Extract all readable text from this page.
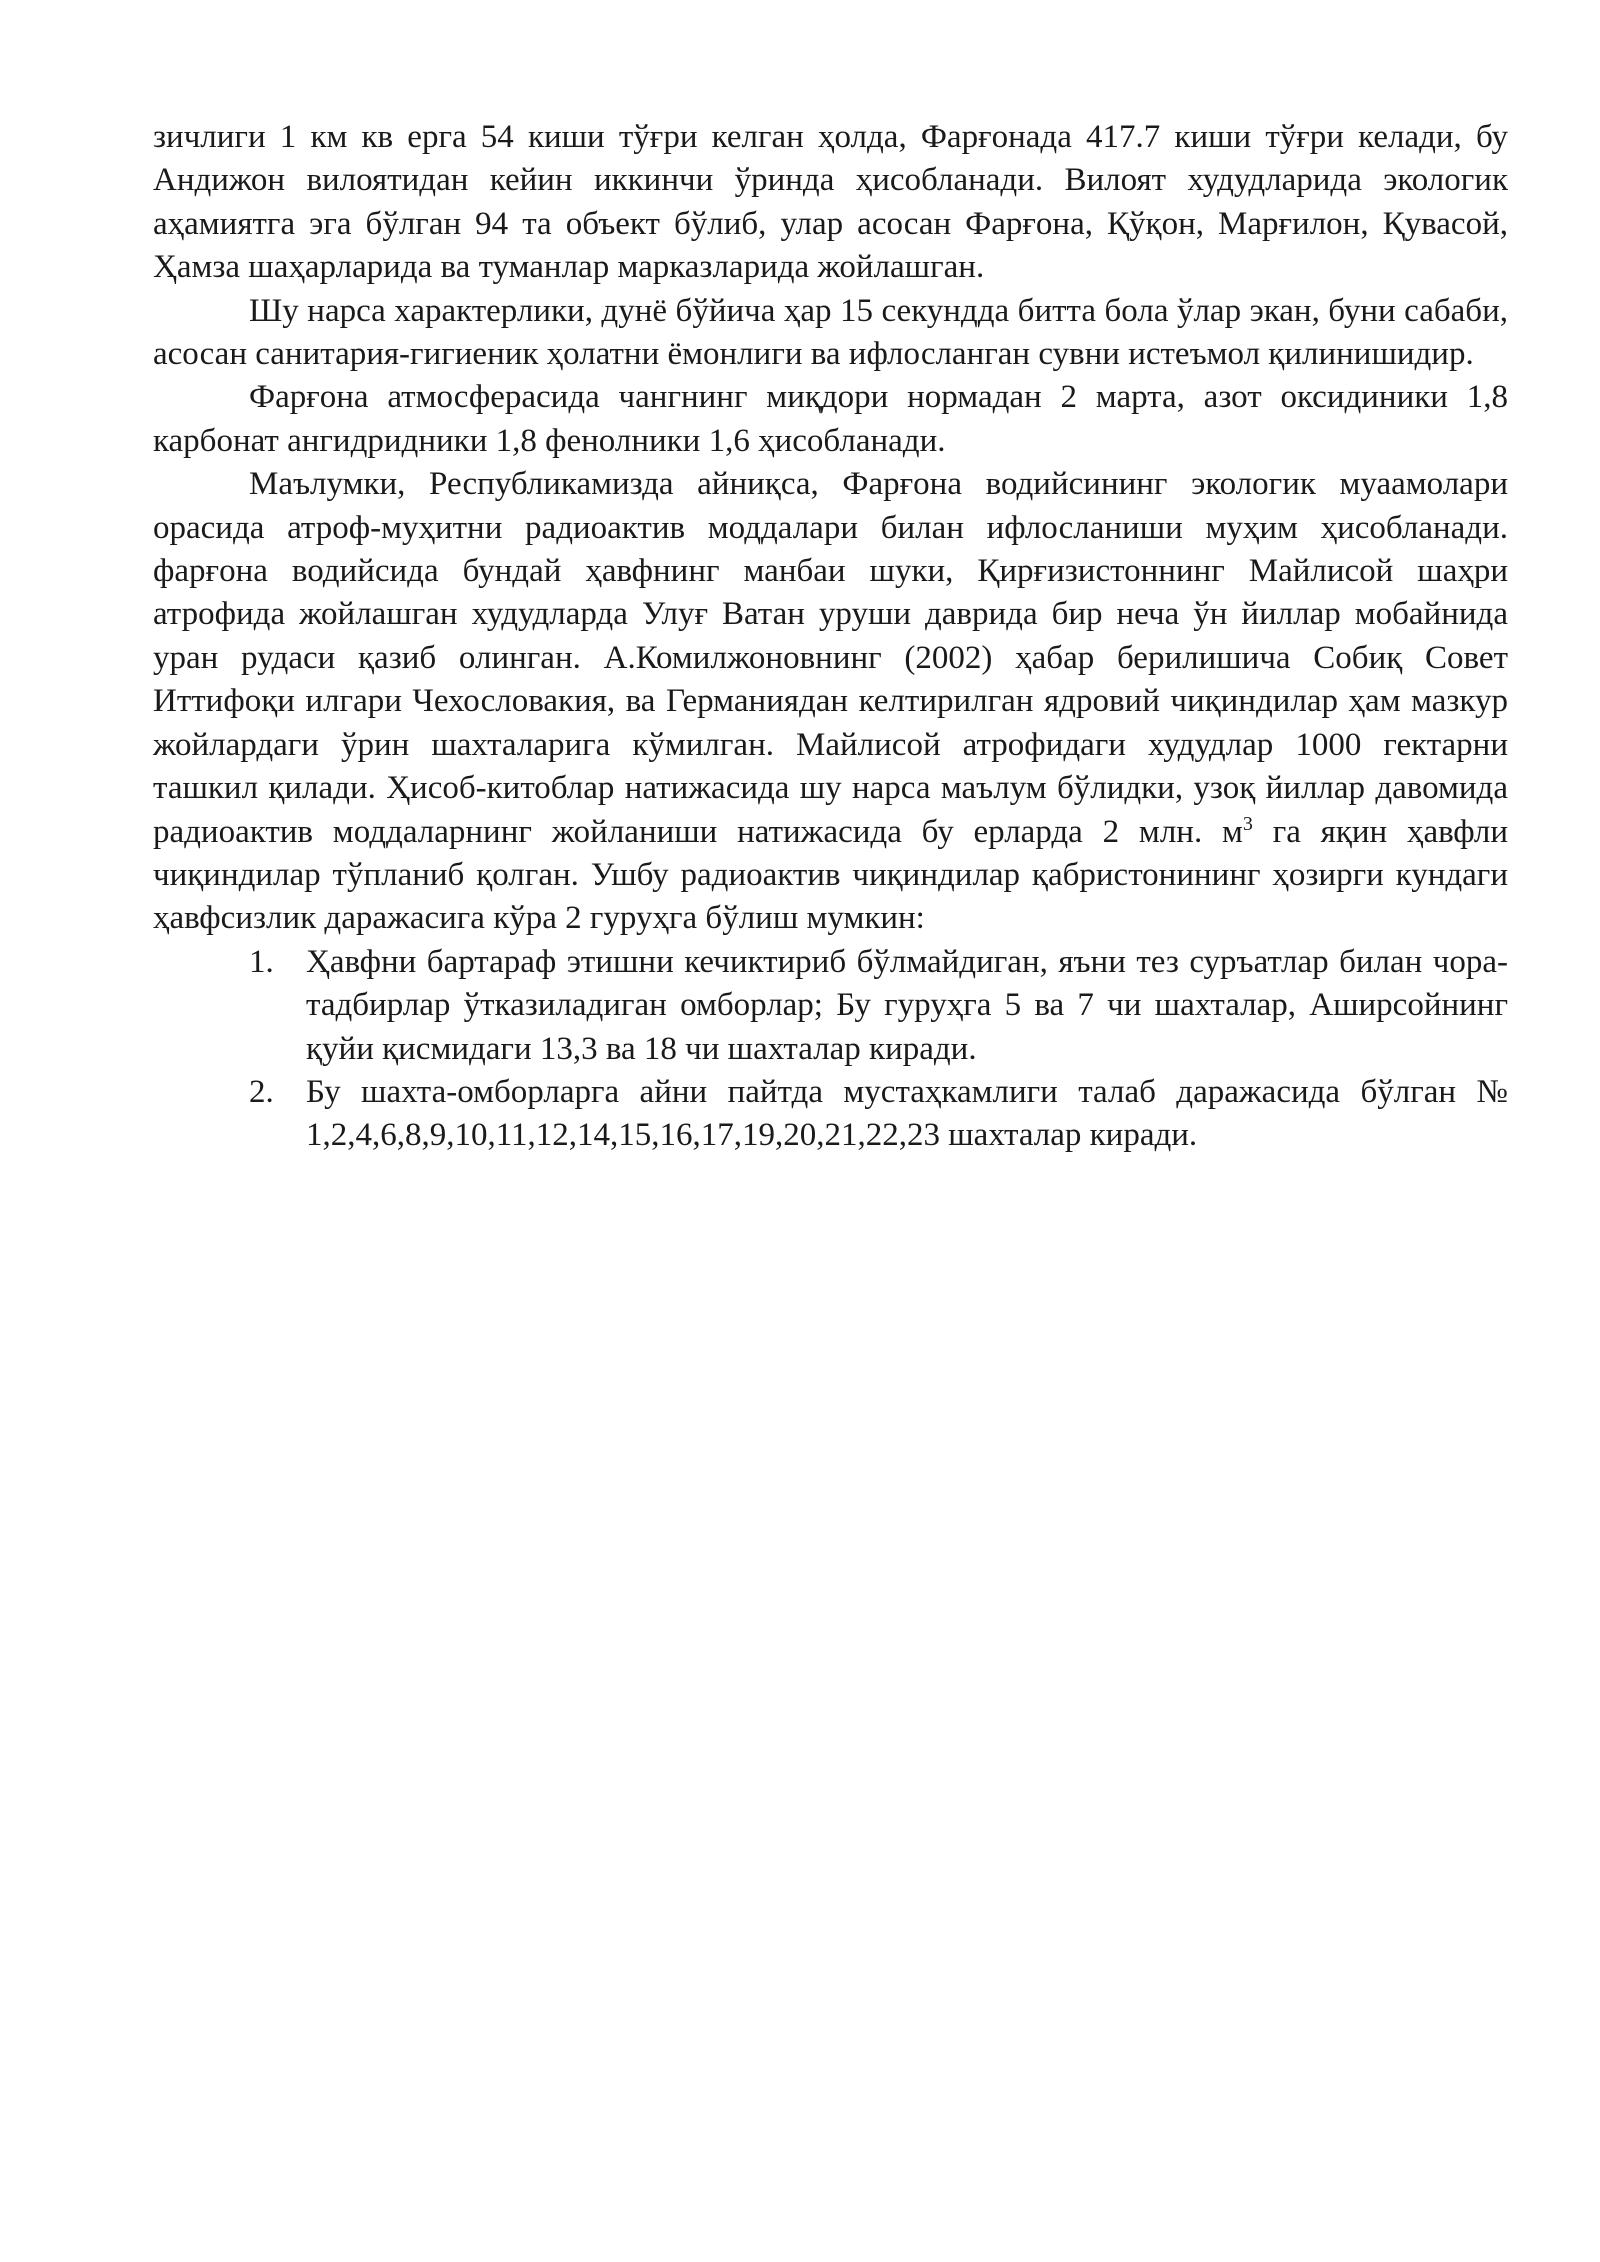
зичлиги 1 км кв ерга 54 киши тўғри келган ҳолда, Фарғонада 417.7 киши тўғри келади, бу Андижон вилоятидан кейин иккинчи ўринда ҳисобланади. Вилоят худудларида экологик аҳамиятга эга бўлган 94 та объект бўлиб, улар асосан Фарғона, Қўқон, Марғилон, Қувасой, Ҳамза шаҳарларида ва туманлар марказларида жойлашган.

Шу нарса характерлики, дунё бўйича ҳар 15 секундда битта бола ўлар экан, буни сабаби, асосан санитария-гигиеник ҳолатни ёмонлиги ва ифлосланган сувни истеъмол қилинишидир.

Фарғона атмосферасида чангнинг миқдори нормадан 2 марта, азот оксидиники 1,8 карбонат ангидридники 1,8 фенолники 1,6 ҳисобланади.

Маълумки, Республикамизда айниқса, Фарғона водийсининг экологик муаамолари орасида атроф-муҳитни радиоактив моддалари билан ифлосланиши муҳим ҳисобланади. фарғона водийсида бундай ҳавфнинг манбаи шуки, Қирғизистоннинг Майлисой шаҳри атрофида жойлашган худудларда Улуғ Ватан уруши даврида бир неча ўн йиллар мобайнида уран рудаси қазиб олинган. А.Комилжоновнинг (2002) ҳабар берилишича Собиқ Совет Иттифоқи илгари Чехословакия, ва Германиядан келтирилган ядровий чиқиндилар ҳам мазкур жойлардаги ўрин шахталарига кўмилган. Майлисой атрофидаги худудлар 1000 гектарни ташкил қилади. Ҳисоб-китоблар натижасида шу нарса маълум бўлидки, узоқ йиллар давомида радиоактив моддаларнинг жойланиши натижасида бу ерларда 2 млн. $м^3$ га яқин ҳавфли чиқиндилар тўпланиб қолган. Ушбу радиоактив чиқиндилар қабристонининг ҳозирги кундаги ҳавфсизлик даражасига кўра 2 гуруҳга бўлиш мумкин:

1. Ҳавфни бартараф этишни кечиктириб бўлмайдиган, яъни тез суръатлар билан чора-тадбирлар ўтказиладиган омборлар; Бу гуруҳга 5 ва 7 чи шахталар, Аширсойнинг қуйи қисмидаги 13,3 ва 18 чи шахталар киради.
2. Бу шахта-омборларга айни пайтда мустаҳкамлиги талаб даражасида бўлган № 1,2,4,6,8,9,10,11,12,14,15,16,17,19,20,21,22,23 шахталар киради.
